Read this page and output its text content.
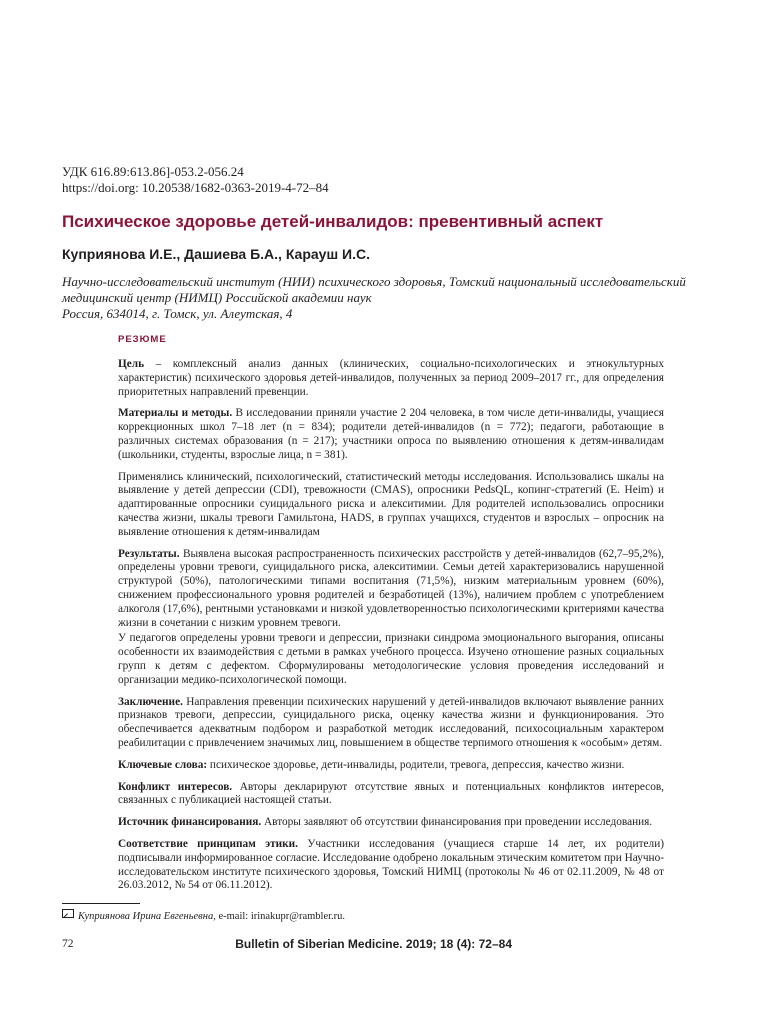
УДК 616.89:613.86]-053.2-056.24
https://doi.org: 10.20538/1682-0363-2019-4-72–84
Психическое здоровье детей-инвалидов: превентивный аспект
Куприянова И.Е., Дашиева Б.А., Карауш И.С.
Научно-исследовательский институт (НИИ) психического здоровья, Томский национальный исследовательский
медицинский центр (НИМЦ) Российской академии наук
Россия, 634014, г. Томск, ул. Алеутская, 4
РЕЗЮМЕ

Цель – комплексный анализ данных (клинических, социально-психологических и этнокультурных характеристик) психического здоровья детей-инвалидов, полученных за период 2009–2017 гг., для определения приоритетных направлений превенции.

Материалы и методы. В исследовании приняли участие 2 204 человека, в том числе дети-инвалиды, учащиеся коррекционных школ 7–18 лет (n = 834); родители детей-инвалидов (n = 772); педагоги, работающие в различных системах образования (n = 217); участники опроса по выявлению отношения к детям-инвалидам (школьники, студенты, взрослые лица, n = 381).

Применялись клинический, психологический, статистический методы исследования. Использовались шкалы на выявление у детей депрессии (CDI), тревожности (CMAS), опросники PedsQL, копинг-стратегий (E. Heim) и адаптированные опросники суицидального риска и алекситимии. Для родителей использовались опросники качества жизни, шкалы тревоги Гамильтона, HADS, в группах учащихся, студентов и взрослых – опросник на выявление отношения к детям-инвалидам

Результаты. Выявлена высокая распространенность психических расстройств у детей-инвалидов (62,7–95,2%), определены уровни тревоги, суицидального риска, алекситимии. Семьи детей характеризовались нарушенной структурой (50%), патологическими типами воспитания (71,5%), низким материальным уровнем (60%), снижением профессионального уровня родителей и безработицей (13%), наличием проблем с употреблением алкоголя (17,6%), рентными установками и низкой удовлетворенностью психологическими критериями качества жизни в сочетании с низким уровнем тревоги.

У педагогов определены уровни тревоги и депрессии, признаки синдрома эмоционального выгорания, описаны особенности их взаимодействия с детьми в рамках учебного процесса. Изучено отношение разных социальных групп к детям с дефектом. Сформулированы методологические условия проведения исследований и организации медико-психологической помощи.

Заключение. Направления превенции психических нарушений у детей-инвалидов включают выявление ранних признаков тревоги, депрессии, суицидального риска, оценку качества жизни и функционирования. Это обеспечивается адекватным подбором и разработкой методик исследований, психосоциальным характером реабилитации с привлечением значимых лиц, повышением в обществе терпимого отношения к «особым» детям.

Ключевые слова: психическое здоровье, дети-инвалиды, родители, тревога, депрессия, качество жизни.

Конфликт интересов. Авторы декларируют отсутствие явных и потенциальных конфликтов интересов, связанных с публикацией настоящей статьи.

Источник финансирования. Авторы заявляют об отсутствии финансирования при проведении исследования.

Соответствие принципам этики. Участники исследования (учащиеся старше 14 лет, их родители) подписывали информированное согласие. Исследование одобрено локальным этическим комитетом при Научно-исследовательском институте психического здоровья, Томский НИМЦ (протоколы № 46 от 02.11.2009, № 48 от 26.03.2012, № 54 от 06.11.2012).

Куприянова Ирина Евгеньевна, e-mail: irinakupr@rambler.ru.
72	Bulletin of Siberian Medicine. 2019; 18 (4): 72–84
